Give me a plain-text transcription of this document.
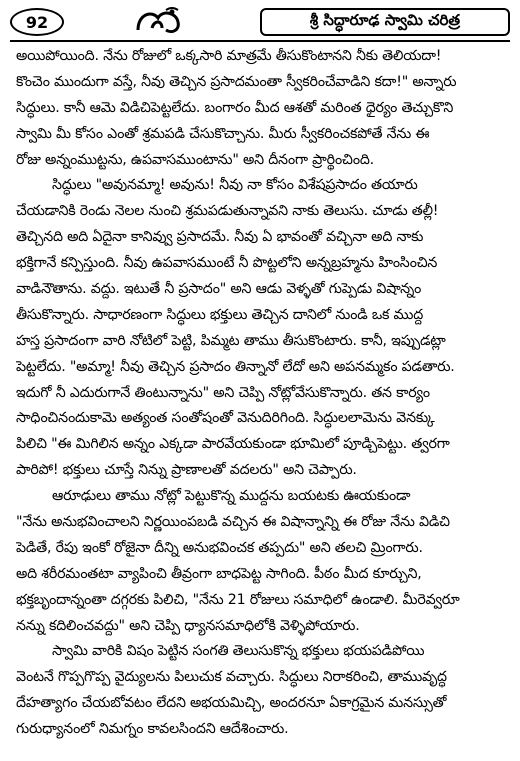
92	శ్రీ సిద్ధారూఢ స్వామి చరిత్ర
అయిపోయింది. నేను రోజులో ఒక్కసారి మాత్రమే తీసుకొంటానని నీకు తెలియదా!
కొంచెం ముందుగా వస్తే, నీవు తెచ్చిన ప్రసాదమంతా స్వీకరించేవాడిని కదా!" అన్నారు
సిద్ధులు. కానీ ఆమె విడిచిపెట్టలేదు. బంగారం మీద ఆశతో మరింత ధైర్యం తెచ్చుకొని
స్వామి మీ కోసం ఎంతో శ్రమపడి చేసుకొచ్చాను. మీరు స్వీకరించకపోతే నేను ఈ
రోజు అన్నంముట్టను, ఉపవాసముంటాను" అని దీనంగా ప్రార్థించింది.
సిద్ధులు "అవునమ్మా! అవును! నీవు నా కోసం విశేషప్రసాదం తయారు
చేయడానికి రెండు నెలల నుంచి శ్రమపడుతున్నావని నాకు తెలుసు. చూడు తల్లీ!
తెచ్చినది అది ఏదైనా కానివ్వు ప్రసాదమే. నీవు ఏ భావంతో వచ్చినా అది నాకు
భక్తిగానే కన్పిస్తుంది. నీవు ఉపవాసముంటే నీ పొట్టలోని అన్నబ్రహ్మను హింసించిన
వాడినౌతాను. వద్దు. ఇటుతే నీ ప్రసాదం" అని ఆడు వెళ్ళతో గుప్పెడు విషాన్నం
తీసుకొన్నారు. సాధారణంగా సిద్ధులు భక్తులు తెచ్చిన దానిలో నుండి ఒక ముద్ద
హస్త ప్రసాదంగా వారి నోటిలో పెట్టి, పిమ్మట తాము తీసుకొంటారు. కానీ, ఇప్పుడట్లా
పెట్టలేదు. "అమ్మా! నీవు తెచ్చిన ప్రసాదం తిన్నానో లేదో అని అపనమ్మకం పడతారు.
ఇదుగో నీ ఎదురుగానే తింటున్నాను" అని చెప్పి నోట్లోవేసుకొన్నారు. తన కార్యం
సాధించినందుకామె అత్యంత సంతోషంతో వెనుదిరిగింది. సిద్ధులలామెను వెనక్కు
పిలిచి "ఈ మిగిలిన అన్నం ఎక్కడా పారవేయకుండా భూమిలో పూడ్చిపెట్టు. త్వరగా
పారిపో! భక్తులు చూస్తే నిన్ను ప్రాణాలతో వదలరు" అని చెప్పారు.
ఆరూఢులు తాము నోట్లో పెట్టుకొన్న ముద్దను బయటకు ఊయకుండా
"నేను అనుభవించాలని నిర్ణయింపబడి వచ్చిన ఈ విషాన్నాన్ని ఈ రోజు నేను విడిచి
పెడితే, రేపు ఇంకో రోజైనా దీన్ని అనుభవించక తప్పదు" అని తలచి మ్రింగారు.
అది శరీరమంతటా వ్యాపించి తీవ్రంగా బాధపెట్ట సాగింది. పీఠం మీద కూర్చుని,
భక్తబృందాన్నంతా దగ్గరకు పిలిచి, "నేను 21 రోజులు సమాధిలో ఉండాలి. మీరెవ్వరూ
నన్ను కదిలించవద్దు" అని చెప్పి ధ్యానసమాధిలోకి వెళ్ళిపోయారు.
స్వామి వారికి విషం పెట్టిన సంగతి తెలుసుకొన్న భక్తులు భయపడిపోయి
వెంటనే గొప్పగొప్ప వైద్యులను పిలుచుక వచ్చారు. సిద్ధులు నిరాకరించి, తామువృద్ధ
దేహత్యాగం చేయబోవటం లేదని అభయమిచ్చి, అందరనూ ఏకాగ్రమైన మనస్సుతో
గురుధ్యానంలో నిమగ్నం కావలసిందని ఆదేశించారు.
